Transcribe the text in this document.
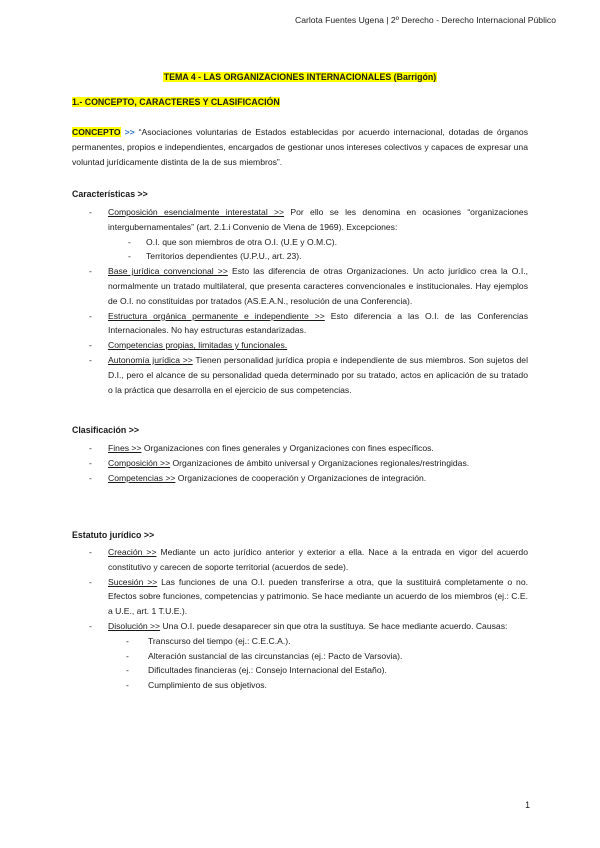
Carlota Fuentes Ugena | 2º Derecho - Derecho Internacional Público
TEMA 4 - LAS ORGANIZACIONES INTERNACIONALES (Barrigón)
1.- CONCEPTO, CARACTERES Y CLASIFICACIÓN
CONCEPTO >> “Asociaciones voluntarias de Estados establecidas por acuerdo internacional, dotadas de órganos permanentes, propios e independientes, encargados de gestionar unos intereses colectivos y capaces de expresar una voluntad jurídicamente distinta de la de sus miembros”.
Características >>
- Composición esencialmente interestatal >> Por ello se les denomina en ocasiones “organizaciones intergubernamentales” (art. 2.1.i Convenio de Viena de 1969). Excepciones:
- O.I. que son miembros de otra O.I. (U.E y O.M.C).
- Territorios dependientes (U.P.U., art. 23).
- Base jurídica convencional >> Esto las diferencia de otras Organizaciones. Un acto jurídico crea la O.I., normalmente un tratado multilateral, que presenta caracteres convencionales e institucionales. Hay ejemplos de O.I. no constituidas por tratados (AS.E.A.N., resolución de una Conferencia).
- Estructura orgánica permanente e independiente >> Esto diferencia a las O.I. de las Conferencias Internacionales. No hay estructuras estandarizadas.
- Competencias propias, limitadas y funcionales.
- Autonomía jurídica >> Tienen personalidad jurídica propia e independiente de sus miembros. Son sujetos del D.I., pero el alcance de su personalidad queda determinado por su tratado, actos en aplicación de su tratado o la práctica que desarrolla en el ejercicio de sus competencias.
Clasificación >>
- Fines >> Organizaciones con fines generales y Organizaciones con fines específicos.
- Composición >> Organizaciones de ámbito universal y Organizaciones regionales/restringidas.
- Competencias >> Organizaciones de cooperación y Organizaciones de integración.
Estatuto jurídico >>
- Creación >> Mediante un acto jurídico anterior y exterior a ella. Nace a la entrada en vigor del acuerdo constitutivo y carecen de soporte territorial (acuerdos de sede).
- Sucesión >> Las funciones de una O.I. pueden transferirse a otra, que la sustituirá completamente o no. Efectos sobre funciones, competencias y patrimonio. Se hace mediante un acuerdo de los miembros (ej.: C.E. a U.E., art. 1 T.U.E.).
- Disolución >> Una O.I. puede desaparecer sin que otra la sustituya. Se hace mediante acuerdo. Causas:
- Transcurso del tiempo (ej.: C.E.C.A.).
- Alteración sustancial de las circunstancias (ej.: Pacto de Varsovia).
- Dificultades financieras (ej.: Consejo Internacional del Estaño).
- Cumplimiento de sus objetivos.
1
